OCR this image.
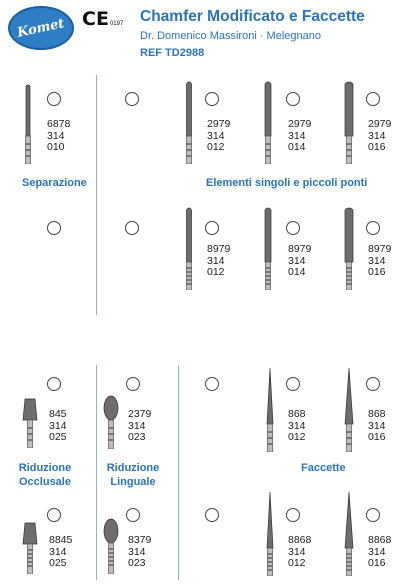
Komet CE0197 Chamfer Modificato e Faccette
Dr. Domenico Massironi · Melegnano
REF TD2988
6878
314
010
2979
314
012
2979
314
014
2979
314
016
Separazione	Elementi singoli e piccoli ponti
8979
314
012
8979
314
014
8979
314
016
845
314
025
2379
314
023
868
314
012
868
314
016
Riduzione
Occlusale
Riduzione
Linguale
Faccette
8845
314
025
8379
314
023
8868
314
012
8868
314
016
